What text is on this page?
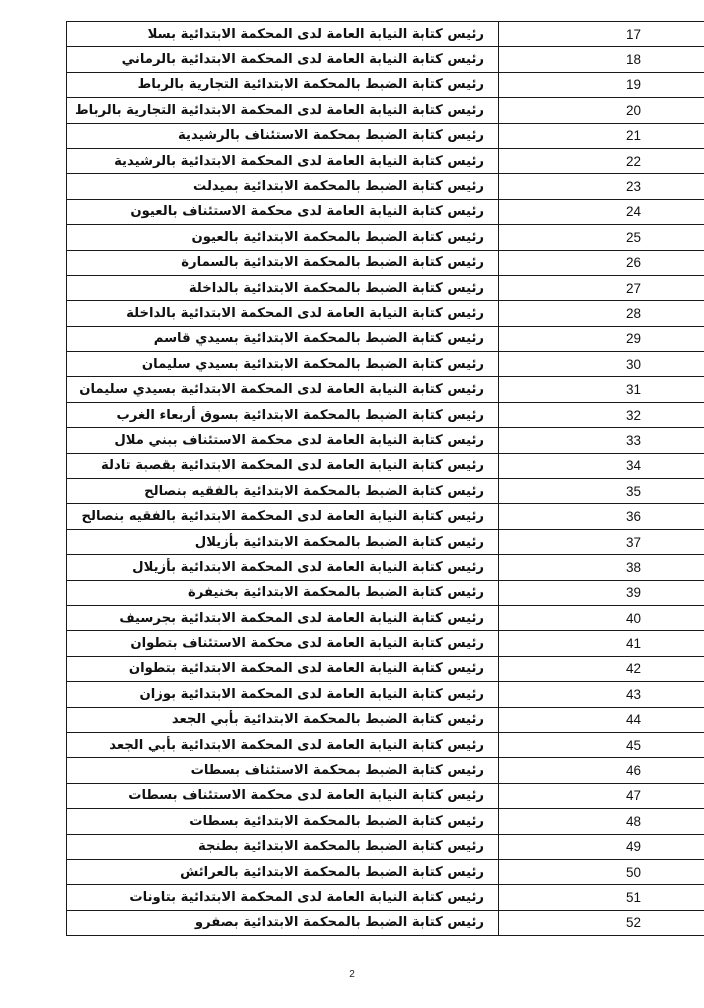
رئيس كتابة النيابة العامة لدى المحكمة الابتدائية بسلا	17
رئيس كتابة النيابة العامة لدى المحكمة الابتدائية بالرماني	18
رئيس كتابة الضبط بالمحكمة الابتدائية التجارية بالرباط	19
رئيس كتابة النيابة العامة لدى المحكمة الابتدائية التجارية بالرباط	20
رئيس كتابة الضبط بمحكمة الاستئناف بالرشيدية	21
رئيس كتابة النيابة العامة لدى المحكمة الابتدائية بالرشيدية	22
رئيس كتابة الضبط بالمحكمة الابتدائية بميدلت	23
رئيس كتابة النيابة العامة لدى محكمة الاستئناف بالعيون	24
رئيس كتابة الضبط بالمحكمة الابتدائية بالعيون	25
رئيس كتابة الضبط بالمحكمة الابتدائية بالسمارة	26
رئيس كتابة الضبط بالمحكمة الابتدائية بالداخلة	27
رئيس كتابة النيابة العامة لدى المحكمة الابتدائية بالداخلة	28
رئيس كتابة الضبط بالمحكمة الابتدائية بسيدي قاسم	29
رئيس كتابة الضبط بالمحكمة الابتدائية بسيدي سليمان	30
رئيس كتابة النيابة العامة لدى المحكمة الابتدائية بسيدي سليمان	31
رئيس كتابة الضبط بالمحكمة الابتدائية بسوق أربعاء الغرب	32
رئيس كتابة النيابة العامة لدى محكمة الاستئناف ببني ملال	33
رئيس كتابة النيابة العامة لدى المحكمة الابتدائية بقصبة تادلة	34
رئيس كتابة الضبط بالمحكمة الابتدائية بالفقيه بنصالح	35
رئيس كتابة النيابة العامة لدى المحكمة الابتدائية بالفقيه بنصالح	36
رئيس كتابة الضبط بالمحكمة الابتدائية بأزيلال	37
رئيس كتابة النيابة العامة لدى المحكمة الابتدائية بأزيلال	38
رئيس كتابة الضبط بالمحكمة الابتدائية بخنيفرة	39
رئيس كتابة النيابة العامة لدى المحكمة الابتدائية بجرسيف	40
رئيس كتابة النيابة العامة لدى محكمة الاستئناف بتطوان	41
رئيس كتابة النيابة العامة لدى المحكمة الابتدائية بتطوان	42
رئيس كتابة النيابة العامة لدى المحكمة الابتدائية بوزان	43
رئيس كتابة الضبط بالمحكمة الابتدائية بأبي الجعد	44
رئيس كتابة النيابة العامة لدى المحكمة الابتدائية بأبي الجعد	45
رئيس كتابة الضبط بمحكمة الاستئناف بسطات	46
رئيس كتابة النيابة العامة لدى محكمة الاستئناف بسطات	47
رئيس كتابة الضبط بالمحكمة الابتدائية بسطات	48
رئيس كتابة الضبط بالمحكمة الابتدائية بطنجة	49
رئيس كتابة الضبط بالمحكمة الابتدائية بالعرائش	50
رئيس كتابة النيابة العامة لدى المحكمة الابتدائية بتاونات	51
رئيس كتابة الضبط بالمحكمة الابتدائية بصفرو	52
2
